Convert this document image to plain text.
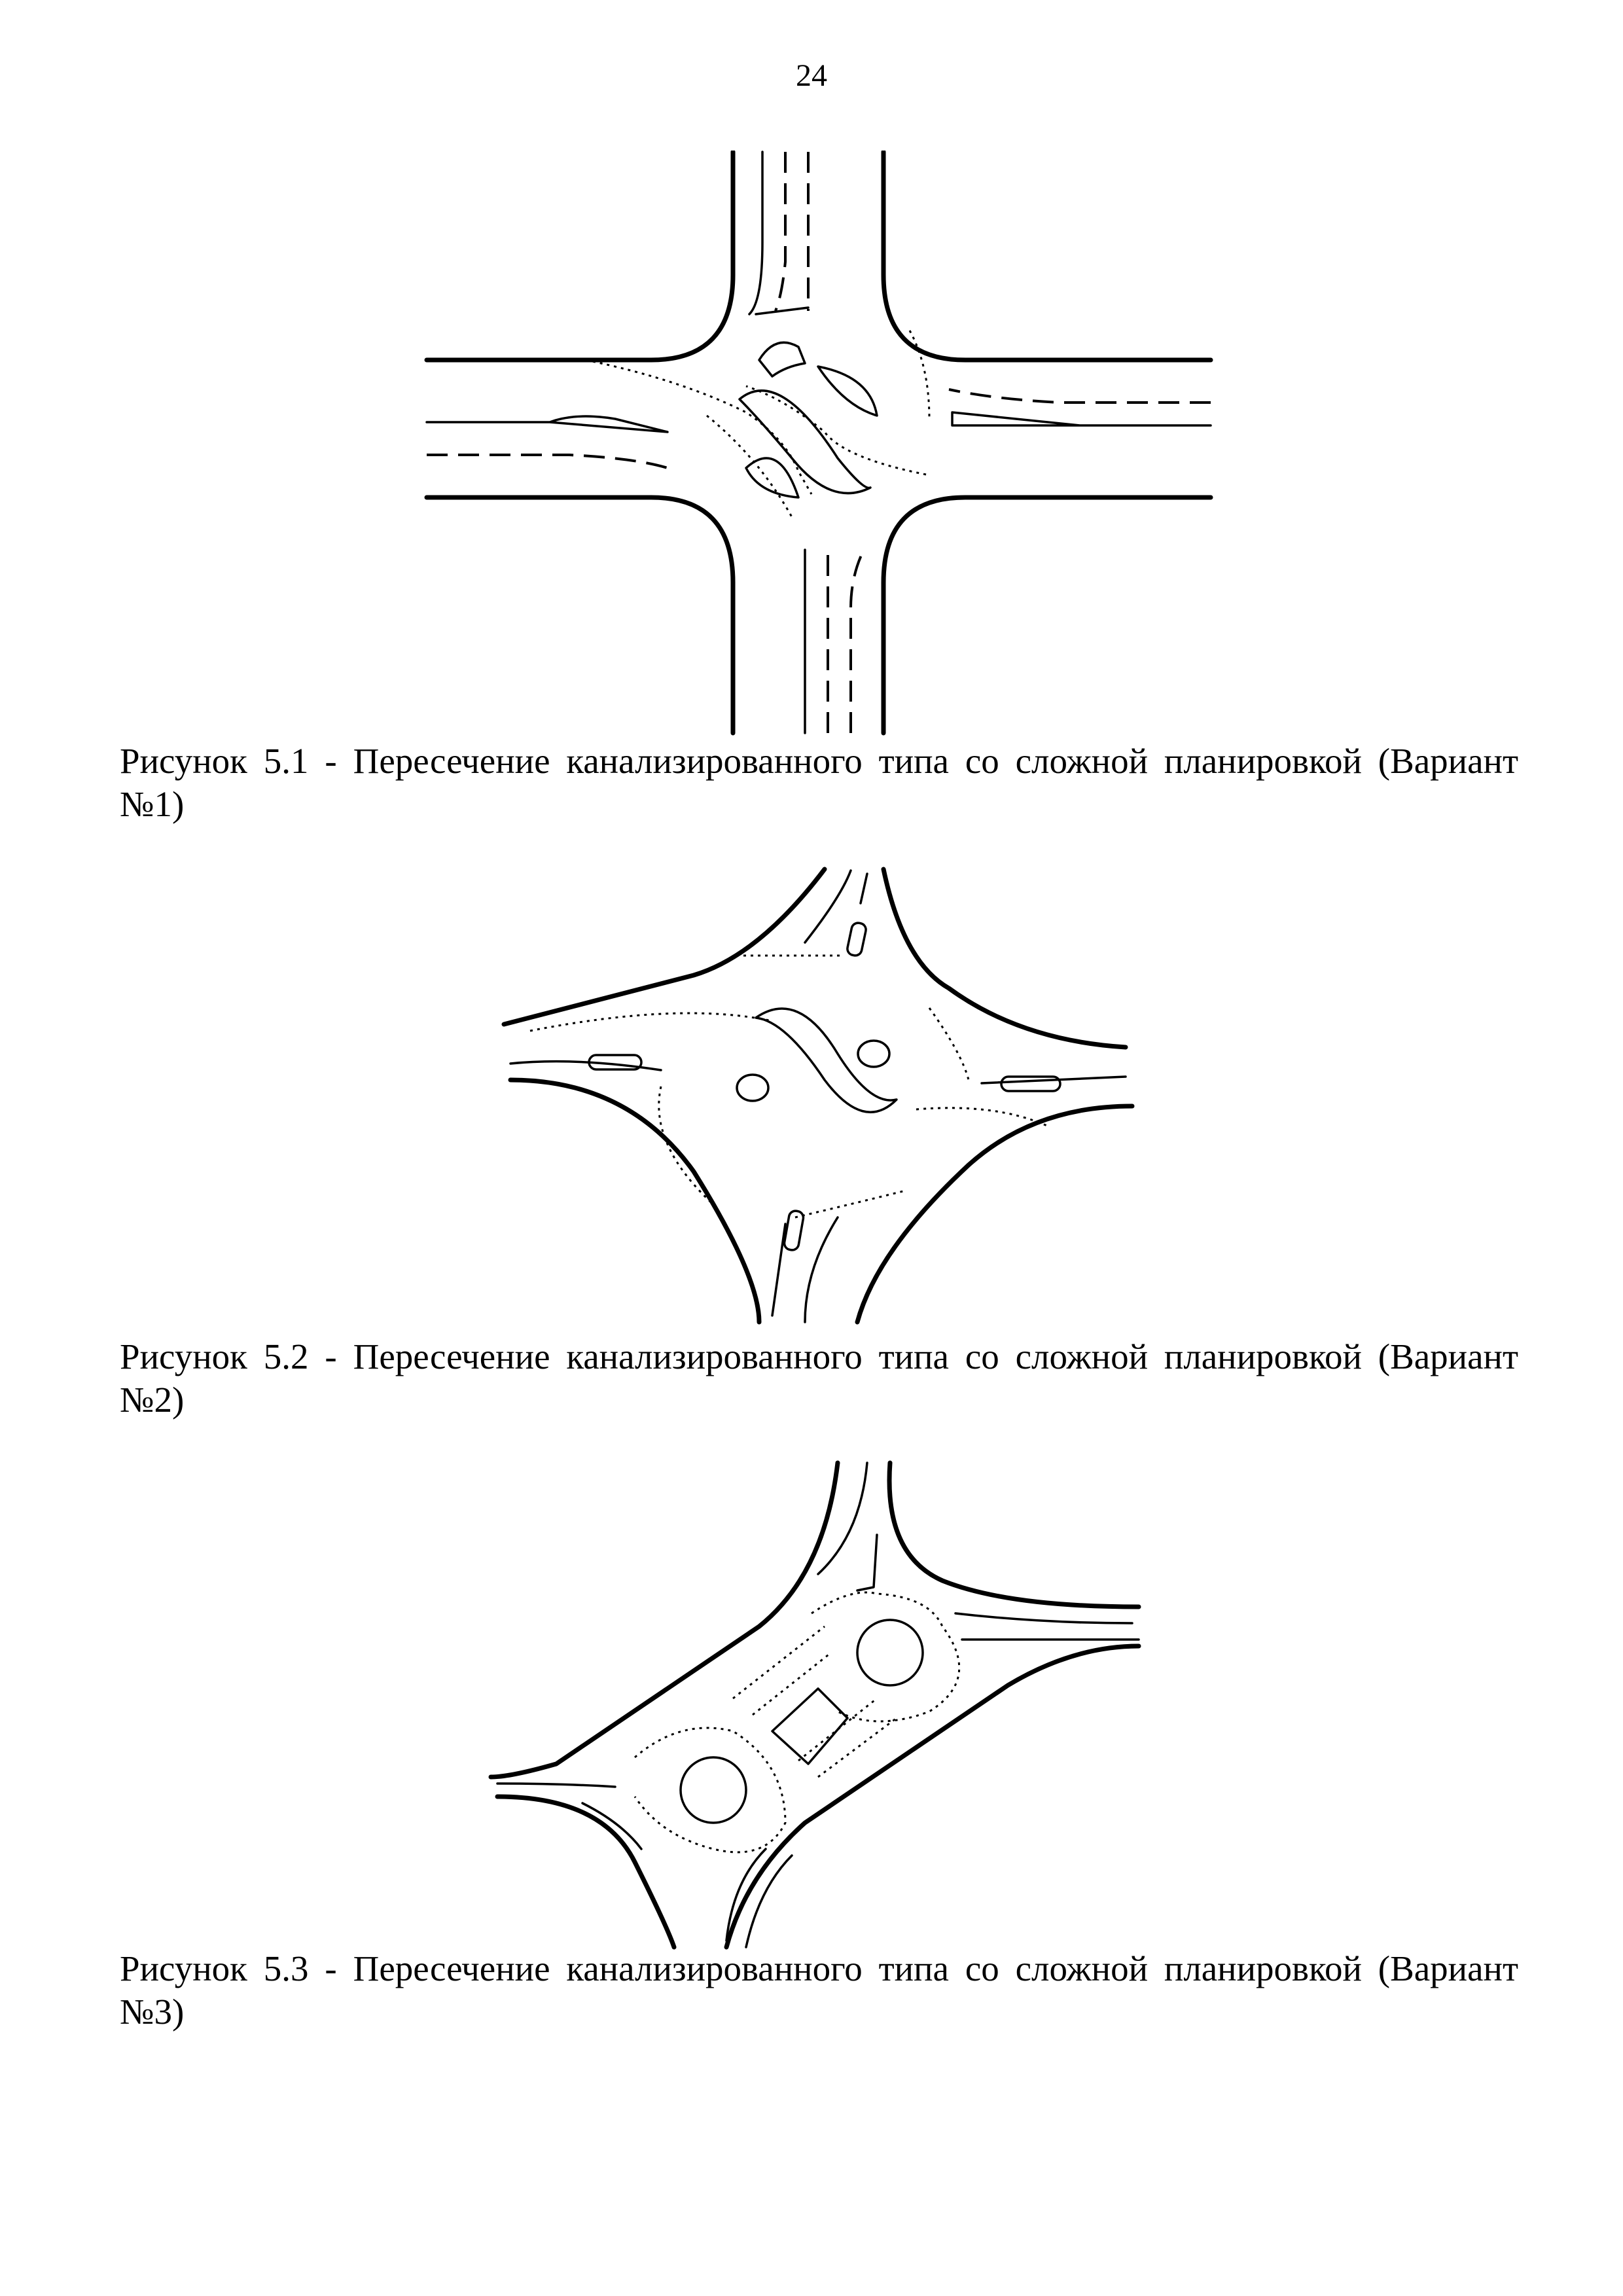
24
Рисунок 5.1 - Пересечение канализированного типа со сложной планировкой (Вариант №1)
Рисунок 5.2 - Пересечение канализированного типа со сложной планировкой (Вариант №2)
Рисунок 5.3 - Пересечение канализированного типа со сложной планировкой (Вариант №3)
